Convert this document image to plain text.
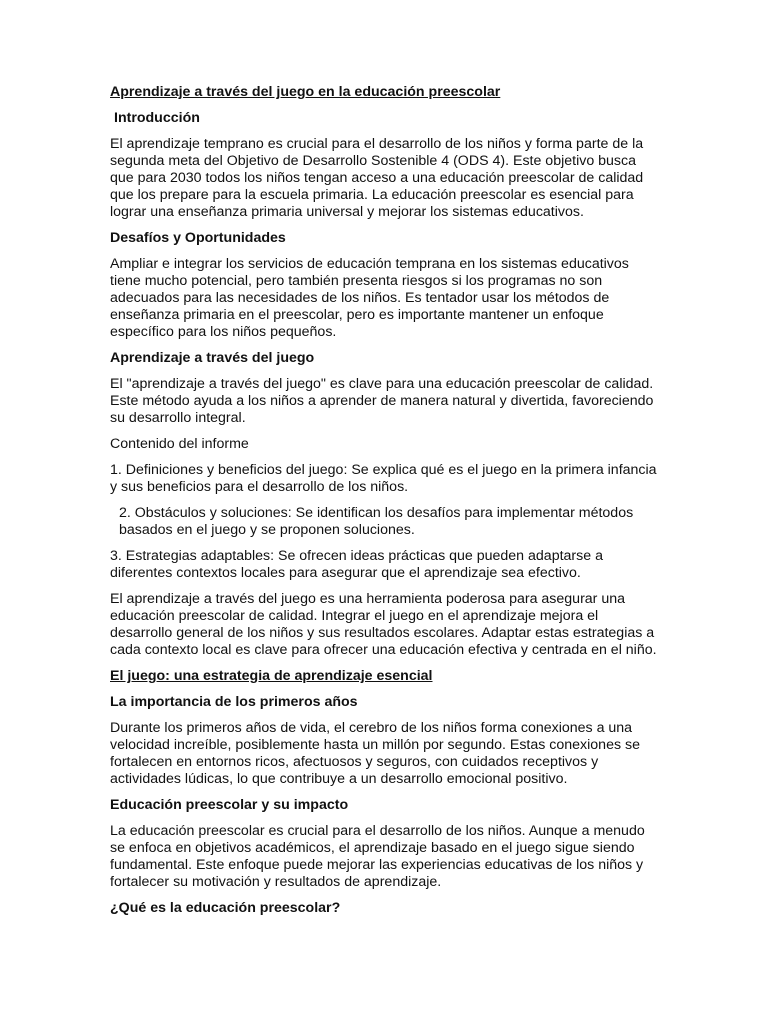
Aprendizaje a través del juego en la educación preescolar

Introducción

El aprendizaje temprano es crucial para el desarrollo de los niños y forma parte de la segunda meta del Objetivo de Desarrollo Sostenible 4 (ODS 4). Este objetivo busca que para 2030 todos los niños tengan acceso a una educación preescolar de calidad que los prepare para la escuela primaria. La educación preescolar es esencial para lograr una enseñanza primaria universal y mejorar los sistemas educativos.

Desafíos y Oportunidades

Ampliar e integrar los servicios de educación temprana en los sistemas educativos tiene mucho potencial, pero también presenta riesgos si los programas no son adecuados para las necesidades de los niños. Es tentador usar los métodos de enseñanza primaria en el preescolar, pero es importante mantener un enfoque específico para los niños pequeños.

Aprendizaje a través del juego

El "aprendizaje a través del juego" es clave para una educación preescolar de calidad. Este método ayuda a los niños a aprender de manera natural y divertida, favoreciendo su desarrollo integral.

Contenido del informe

1. Definiciones y beneficios del juego: Se explica qué es el juego en la primera infancia y sus beneficios para el desarrollo de los niños.

2. Obstáculos y soluciones: Se identifican los desafíos para implementar métodos basados en el juego y se proponen soluciones.

3. Estrategias adaptables: Se ofrecen ideas prácticas que pueden adaptarse a diferentes contextos locales para asegurar que el aprendizaje sea efectivo.

El aprendizaje a través del juego es una herramienta poderosa para asegurar una educación preescolar de calidad. Integrar el juego en el aprendizaje mejora el desarrollo general de los niños y sus resultados escolares. Adaptar estas estrategias a cada contexto local es clave para ofrecer una educación efectiva y centrada en el niño.

El juego: una estrategia de aprendizaje esencial

La importancia de los primeros años

Durante los primeros años de vida, el cerebro de los niños forma conexiones a una velocidad increíble, posiblemente hasta un millón por segundo. Estas conexiones se fortalecen en entornos ricos, afectuosos y seguros, con cuidados receptivos y actividades lúdicas, lo que contribuye a un desarrollo emocional positivo.

Educación preescolar y su impacto

La educación preescolar es crucial para el desarrollo de los niños. Aunque a menudo se enfoca en objetivos académicos, el aprendizaje basado en el juego sigue siendo fundamental. Este enfoque puede mejorar las experiencias educativas de los niños y fortalecer su motivación y resultados de aprendizaje.

¿Qué es la educación preescolar?
